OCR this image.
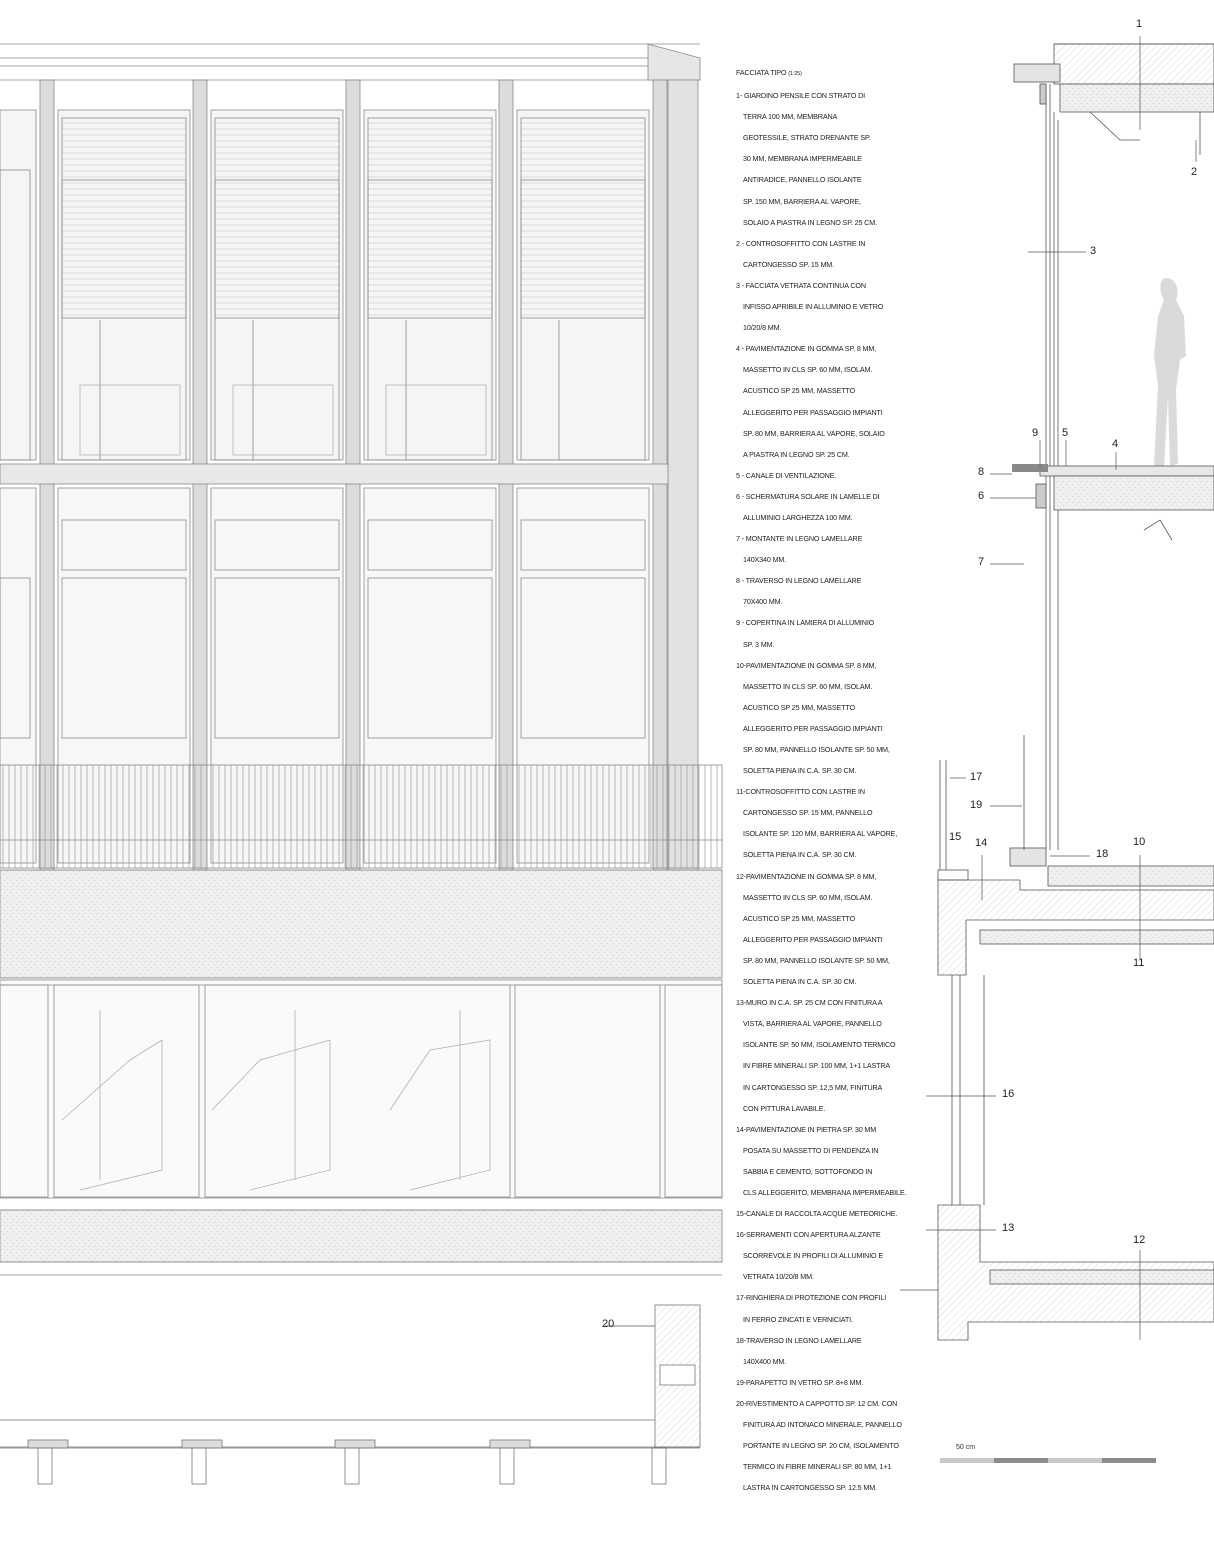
1
2
3
4
5
6
7
8
9
10
11
12
13
14
15
16
17
19
18
20
50 cm
FACCIATA TIPO (1:25)
1- GIARDINO PENSILE CON STRATO DI
TERRA 100 MM, MEMBRANA
GEOTESSILE, STRATO DRENANTE SP.
30 MM, MEMBRANA IMPERMEABILE
ANTIRADICE, PANNELLO ISOLANTE
SP. 150 MM, BARRIERA AL VAPORE,
SOLAIO A PIASTRA IN LEGNO SP. 25 CM.
2 - CONTROSOFFITTO CON LASTRE IN
CARTONGESSO SP. 15 MM.
3 - FACCIATA VETRATA CONTINUA CON
INFISSO APRIBILE IN ALLUMINIO E VETRO
10/20/8 MM.
4 - PAVIMENTAZIONE IN GOMMA SP. 8 MM,
MASSETTO IN CLS SP. 60 MM, ISOLAM.
ACUSTICO SP 25 MM, MASSETTO
ALLEGGERITO PER PASSAGGIO IMPIANTI
SP. 80 MM, BARRIERA AL VAPORE, SOLAIO
A PIASTRA IN LEGNO SP. 25 CM.
5 - CANALE DI VENTILAZIONE.
6 - SCHERMATURA SOLARE IN LAMELLE DI
ALLUMINIO LARGHEZZA 100 MM.
7 - MONTANTE IN LEGNO LAMELLARE
140X340 MM.
8 - TRAVERSO IN LEGNO LAMELLARE
70X400 MM.
9 - COPERTINA IN LAMIERA DI ALLUMINIO
SP. 3 MM.
10-PAVIMENTAZIONE IN GOMMA SP. 8 MM,
MASSETTO IN CLS SP. 60 MM, ISOLAM.
ACUSTICO SP 25 MM, MASSETTO
ALLEGGERITO PER PASSAGGIO IMPIANTI
SP. 80 MM, PANNELLO ISOLANTE SP. 50 MM,
SOLETTA PIENA IN C.A. SP. 30 CM.
11-CONTROSOFFITTO CON LASTRE IN
CARTONGESSO SP. 15 MM, PANNELLO
ISOLANTE SP. 120 MM, BARRIERA AL VAPORE,
SOLETTA PIENA IN C.A. SP. 30 CM.
12-PAVIMENTAZIONE IN GOMMA SP. 8 MM,
MASSETTO IN CLS SP. 60 MM, ISOLAM.
ACUSTICO SP 25 MM, MASSETTO
ALLEGGERITO PER PASSAGGIO IMPIANTI
SP. 80 MM, PANNELLO ISOLANTE SP. 50 MM,
SOLETTA PIENA IN C.A. SP. 30 CM.
13-MURO IN C.A. SP. 25 CM CON FINITURA A
VISTA, BARRIERA AL VAPORE, PANNELLO
ISOLANTE SP. 50 MM, ISOLAMENTO TERMICO
IN FIBRE MINERALI SP. 100 MM, 1+1 LASTRA
IN CARTONGESSO SP. 12,5 MM, FINITURA
CON PITTURA LAVABILE.
14-PAVIMENTAZIONE IN PIETRA SP. 30 MM
POSATA SU MASSETTO DI PENDENZA IN
SABBIA E CEMENTO, SOTTOFONDO IN
CLS ALLEGGERITO, MEMBRANA IMPERMEABILE.
15-CANALE DI RACCOLTA ACQUE METEORICHE.
16-SERRAMENTI CON APERTURA ALZANTE
SCORREVOLE IN PROFILI DI ALLUMINIO E
VETRATA 10/20/8 MM.
17-RINGHIERA DI PROTEZIONE CON PROFILI
IN FERRO ZINCATI E VERNICIATI.
18-TRAVERSO IN LEGNO LAMELLARE
140X400 MM.
19-PARAPETTO IN VETRO SP. 8+8 MM.
20-RIVESTIMENTO A CAPPOTTO SP. 12 CM. CON
FINITURA AD INTONACO MINERALE, PANNELLO
PORTANTE IN LEGNO SP. 20 CM, ISOLAMENTO
TERMICO IN FIBRE MINERALI SP. 80 MM, 1+1
LASTRA IN CARTONGESSO SP. 12.5 MM.
